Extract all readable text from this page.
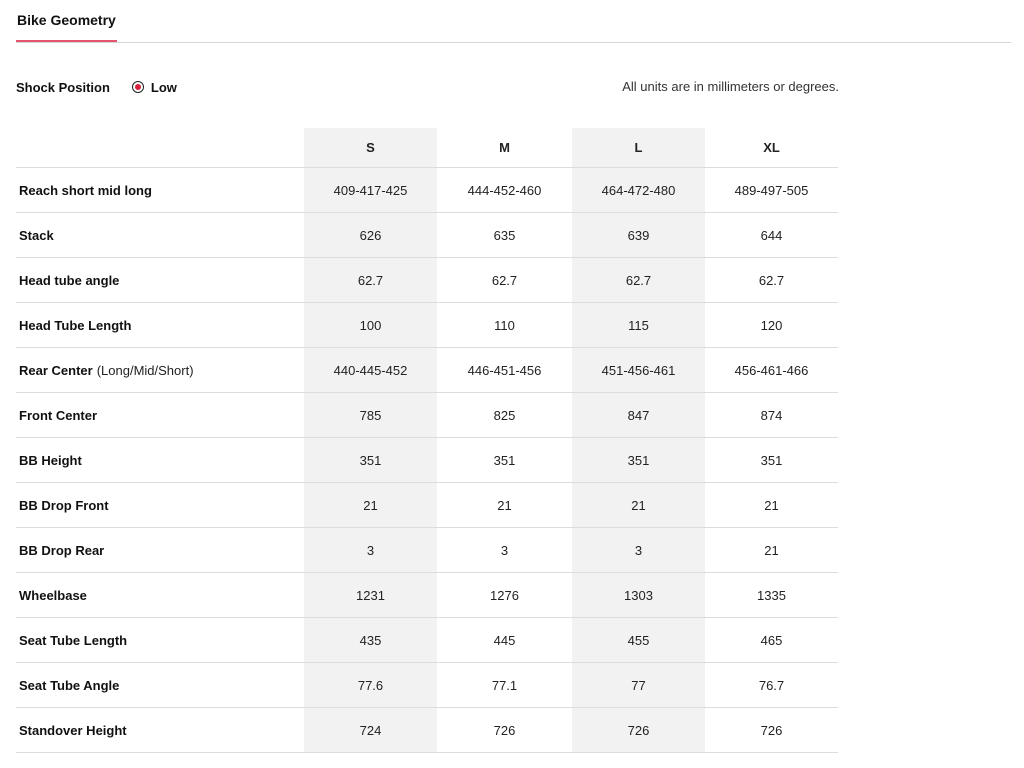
Bike Geometry
Shock Position	Low	All units are in millimeters or degrees.
S	M	L	XL
Reach short mid long	409-417-425	444-452-460	464-472-480	489-497-505
Stack	626	635	639	644
Head tube angle	62.7	62.7	62.7	62.7
Head Tube Length	100	110	115	120
Rear Center (Long/Mid/Short)	440-445-452	446-451-456	451-456-461	456-461-466
Front Center	785	825	847	874
BB Height	351	351	351	351
BB Drop Front	21	21	21	21
BB Drop Rear	3	3	3	21
Wheelbase	1231	1276	1303	1335
Seat Tube Length	435	445	455	465
Seat Tube Angle	77.6	77.1	77	76.7
Standover Height	724	726	726	726
